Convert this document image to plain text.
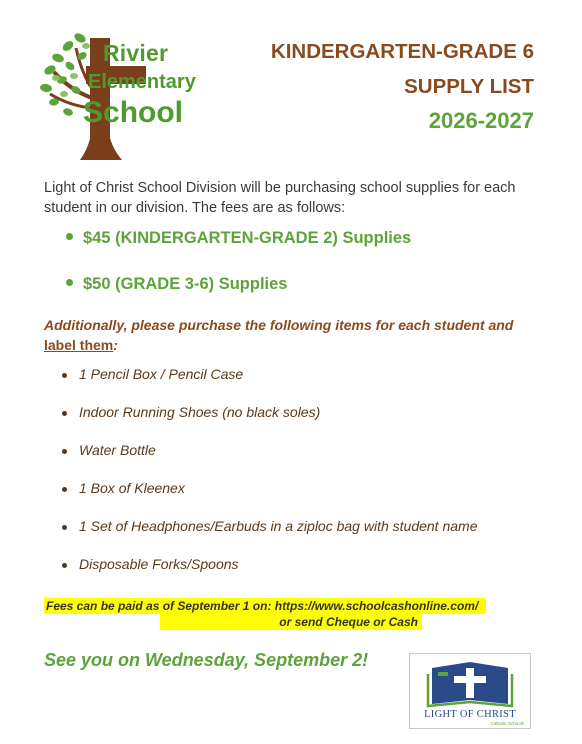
Rivier
Elementary
School
KINDERGARTEN-GRADE 6
SUPPLY LIST
2026-2027
Light of Christ School Division will be purchasing school supplies for each student in our division. The fees are as follows:
$45 (KINDERGARTEN-GRADE 2) Supplies
$50 (GRADE 3-6) Supplies
Additionally, please purchase the following items for each student and
label them:
1 Pencil Box / Pencil Case
Indoor Running Shoes (no black soles)
Water Bottle
1 Box of Kleenex
1 Set of Headphones/Earbuds in a ziploc bag with student name
Disposable Forks/Spoons
Fees can be paid as of September 1 on: https://www.schoolcashonline.com/
or send Cheque or Cash
See you on Wednesday, September 2!
LIGHT OF CHRIST
Catholic Schools
